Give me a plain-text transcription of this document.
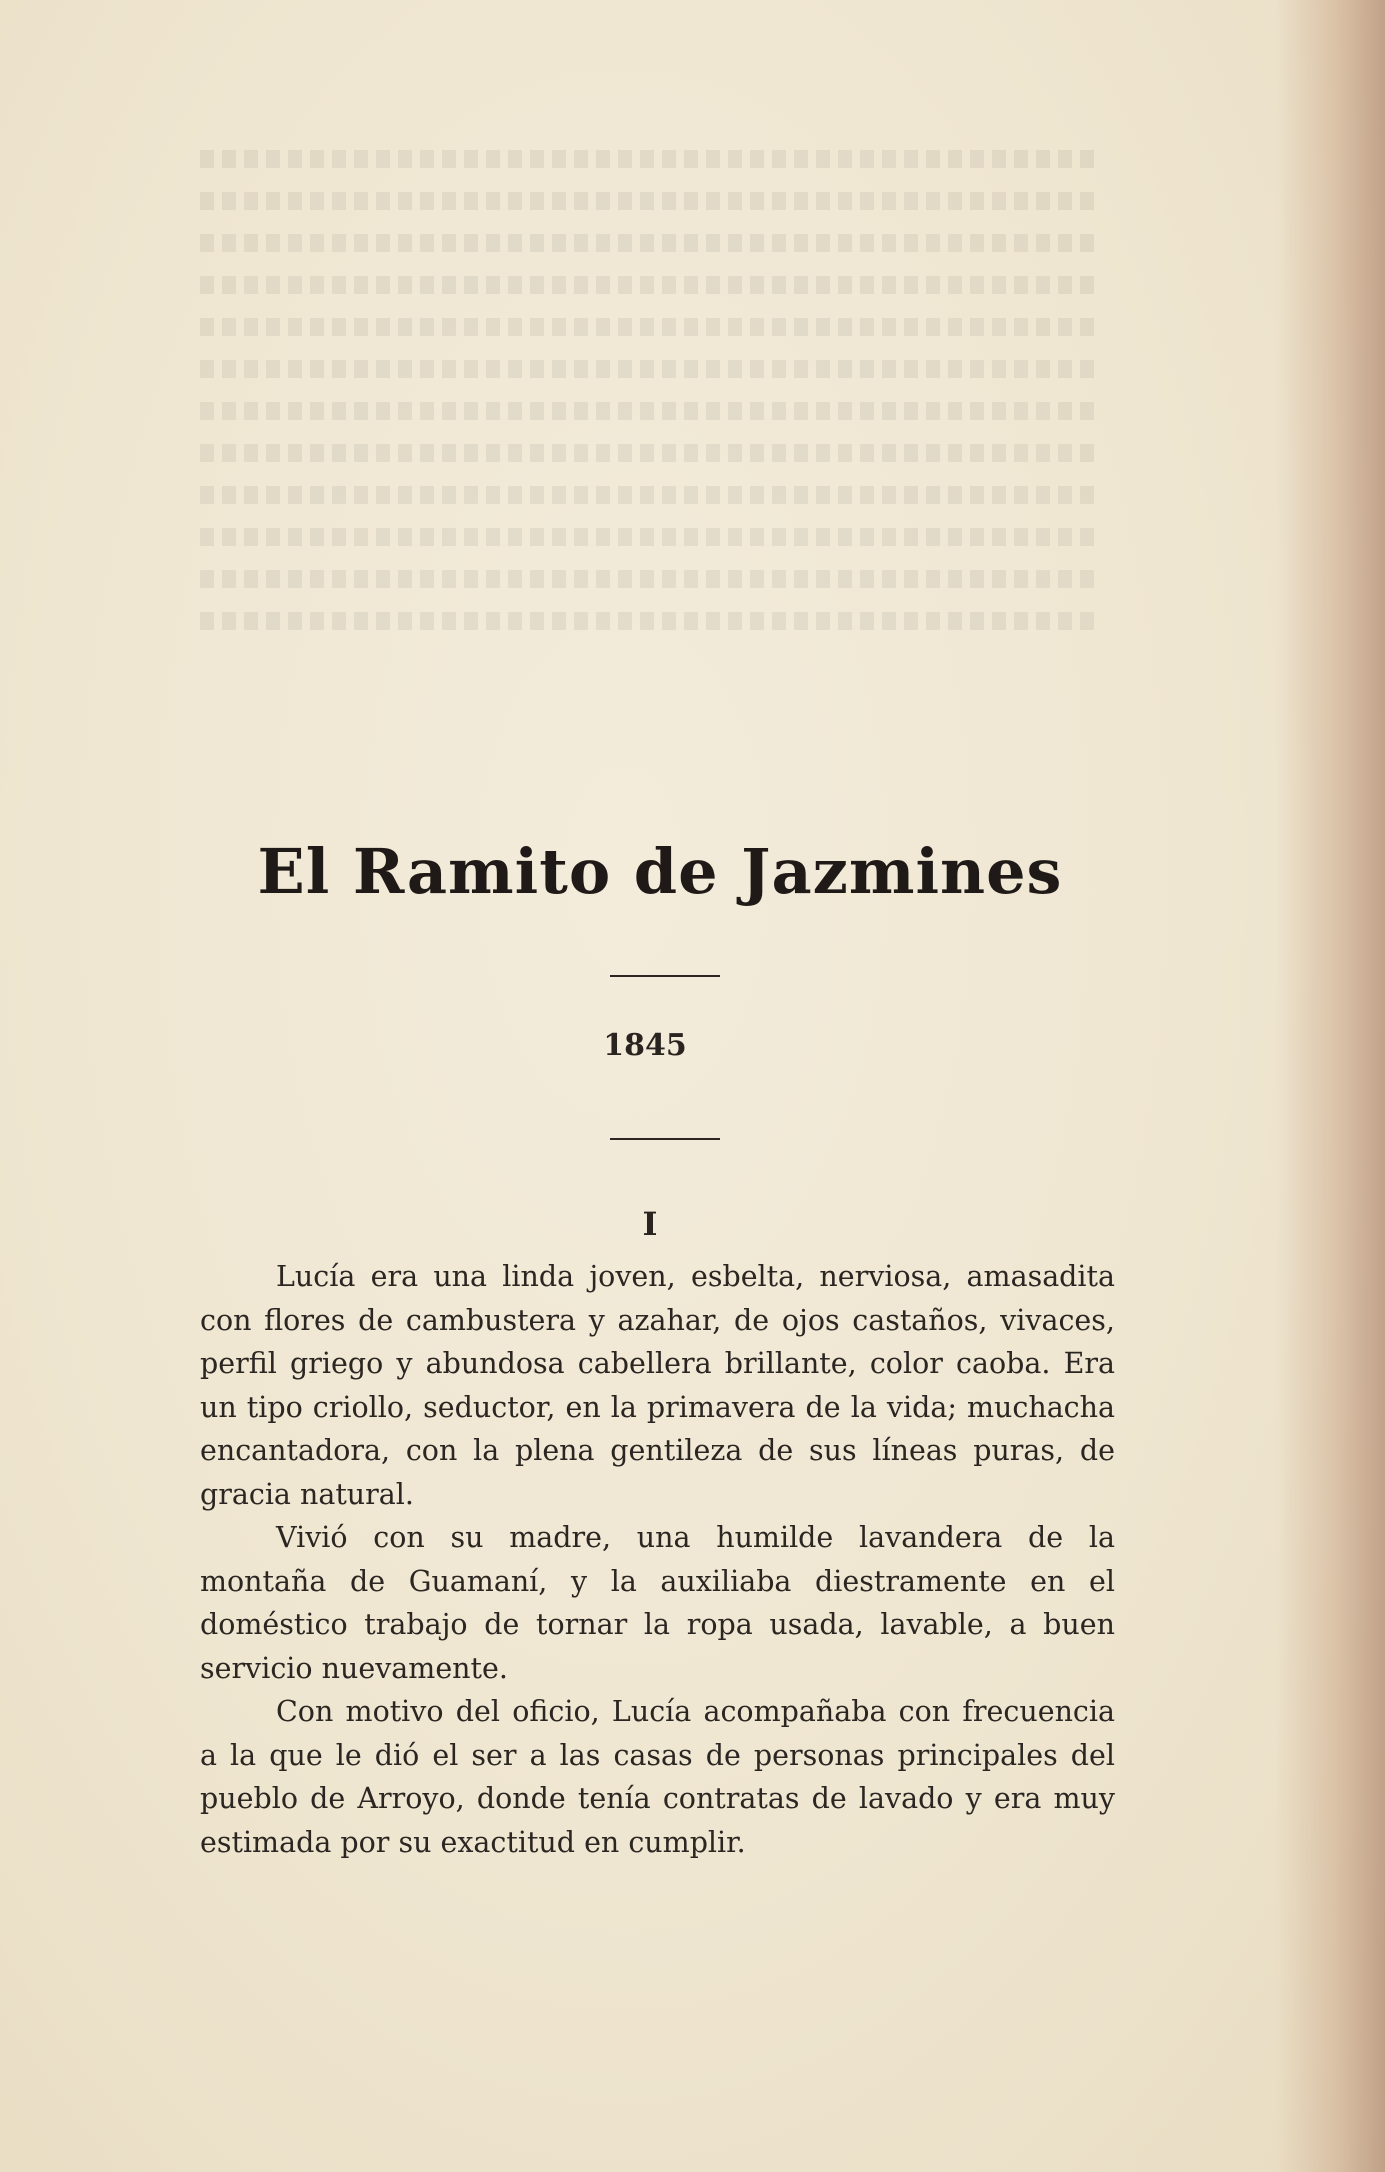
El Ramito de Jazmines
1845
I

Lucía era una linda joven, esbelta, nerviosa, amasadita con flores de cambustera y azahar, de ojos castaños, vivaces, perfil griego y abundosa cabellera brillante, color caoba. Era un tipo criollo, seductor, en la primavera de la vida; muchacha encantadora, con la plena gentileza de sus líneas puras, de gracia natural.

Vivió con su madre, una humilde lavandera de la montaña de Guamaní, y la auxiliaba diestramente en el doméstico trabajo de tornar la ropa usada, lavable, a buen servicio nuevamente.

Con motivo del oficio, Lucía acompañaba con frecuencia a la que le dió el ser a las casas de personas principales del pueblo de Arroyo, donde tenía contratas de lavado y era muy estimada por su exactitud en cumplir.
